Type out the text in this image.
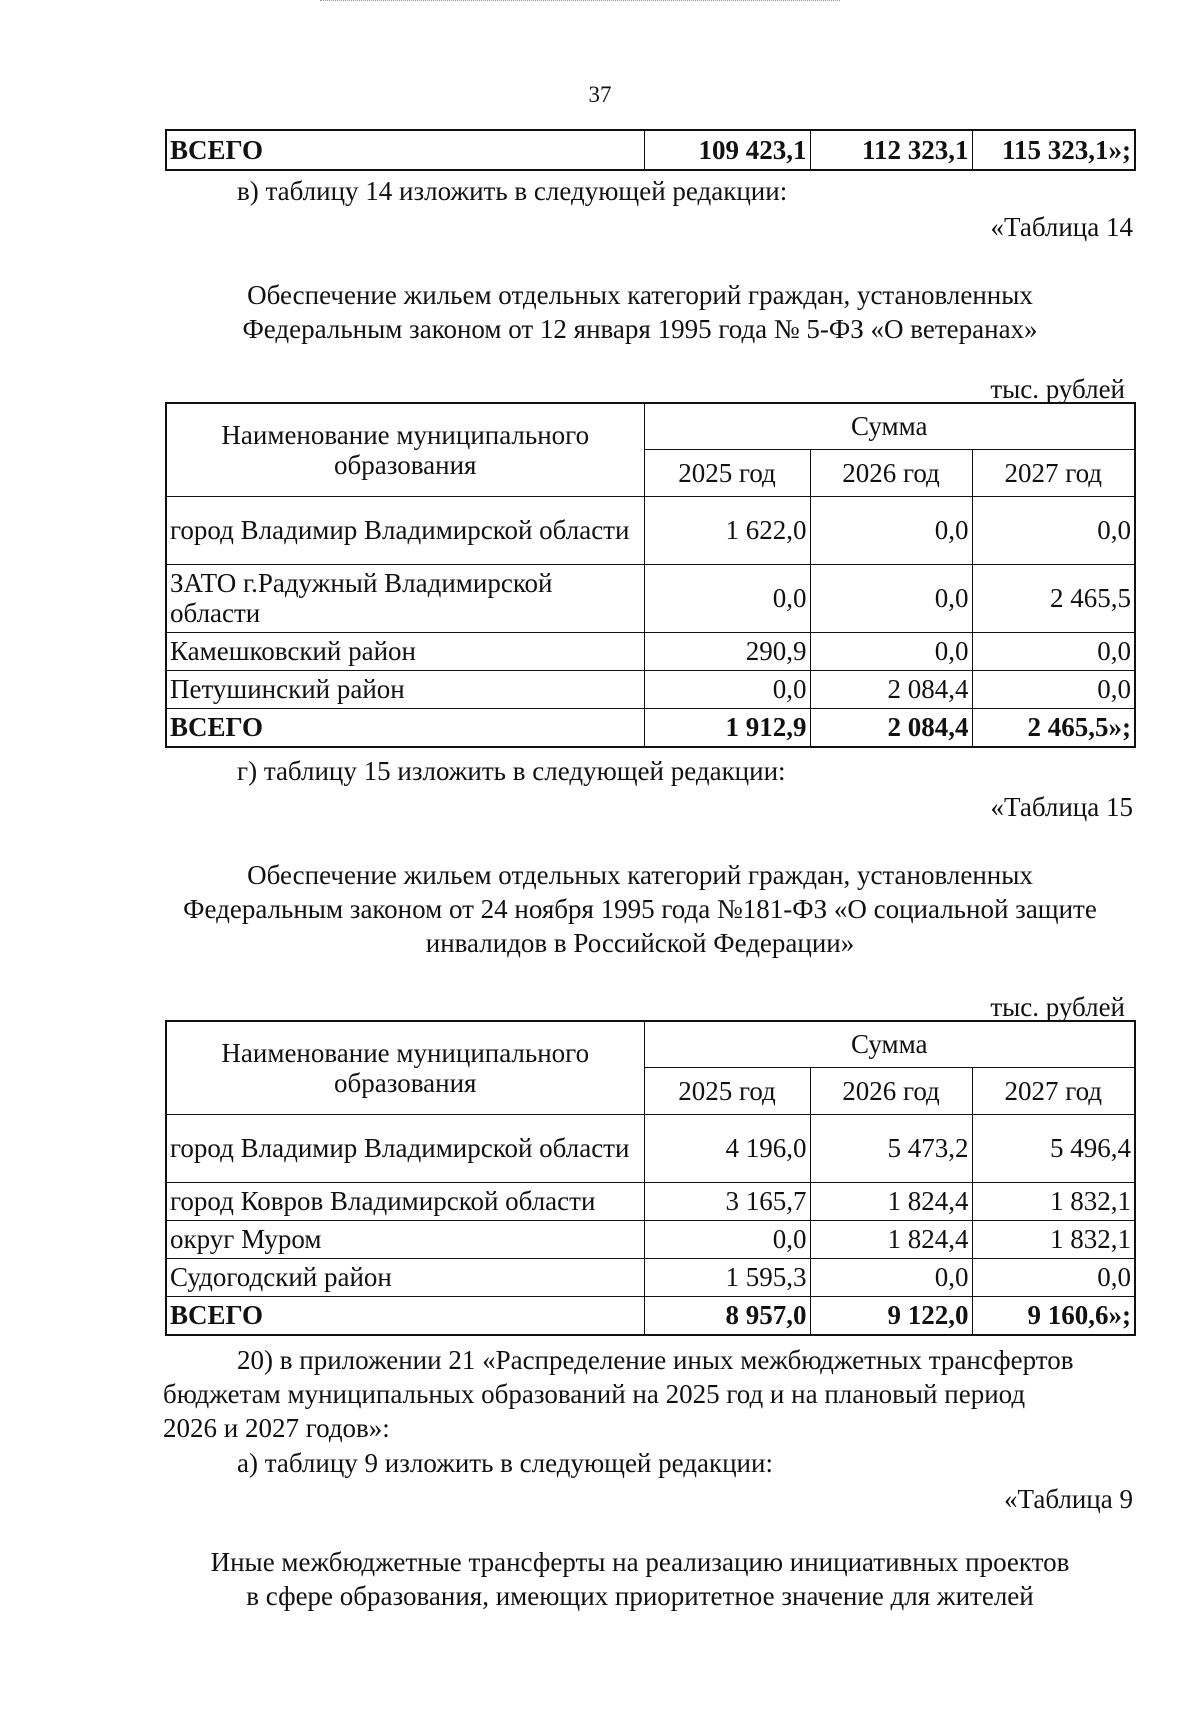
37
ВСЕГО	109 423,1	112 323,1	115 323,1»;
в) таблицу 14 изложить в следующей редакции:
«Таблица 14
Обеспечение жильем отдельных категорий граждан, установленных
Федеральным законом от 12 января 1995 года № 5-ФЗ «О ветеранах»
тыс. рублей
Наименование муниципального образования	Сумма		
	2025 год	2026 год	2027 год
город Владимир Владимирской области	1 622,0	0,0	0,0
ЗАТО г.Радужный Владимирской области	0,0	0,0	2 465,5
Камешковский район	290,9	0,0	0,0
Петушинский район	0,0	2 084,4	0,0
ВСЕГО	1 912,9	2 084,4	2 465,5»;
г) таблицу 15 изложить в следующей редакции:
«Таблица 15
Обеспечение жильем отдельных категорий граждан, установленных
Федеральным законом от 24 ноября 1995 года №181-ФЗ «О социальной защите
инвалидов в Российской Федерации»
тыс. рублей
Наименование муниципального образования	Сумма		
	2025 год	2026 год	2027 год
город Владимир Владимирской области	4 196,0	5 473,2	5 496,4
город Ковров Владимирской области	3 165,7	1 824,4	1 832,1
округ Муром	0,0	1 824,4	1 832,1
Судогодский район	1 595,3	0,0	0,0
ВСЕГО	8 957,0	9 122,0	9 160,6»;
20) в приложении 21 «Распределение иных межбюджетных трансфертов
бюджетам муниципальных образований на 2025 год и на плановый период
2026 и 2027 годов»:
а) таблицу 9 изложить в следующей редакции:
«Таблица 9
Иные межбюджетные трансферты на реализацию инициативных проектов
в сфере образования, имеющих приоритетное значение для жителей
